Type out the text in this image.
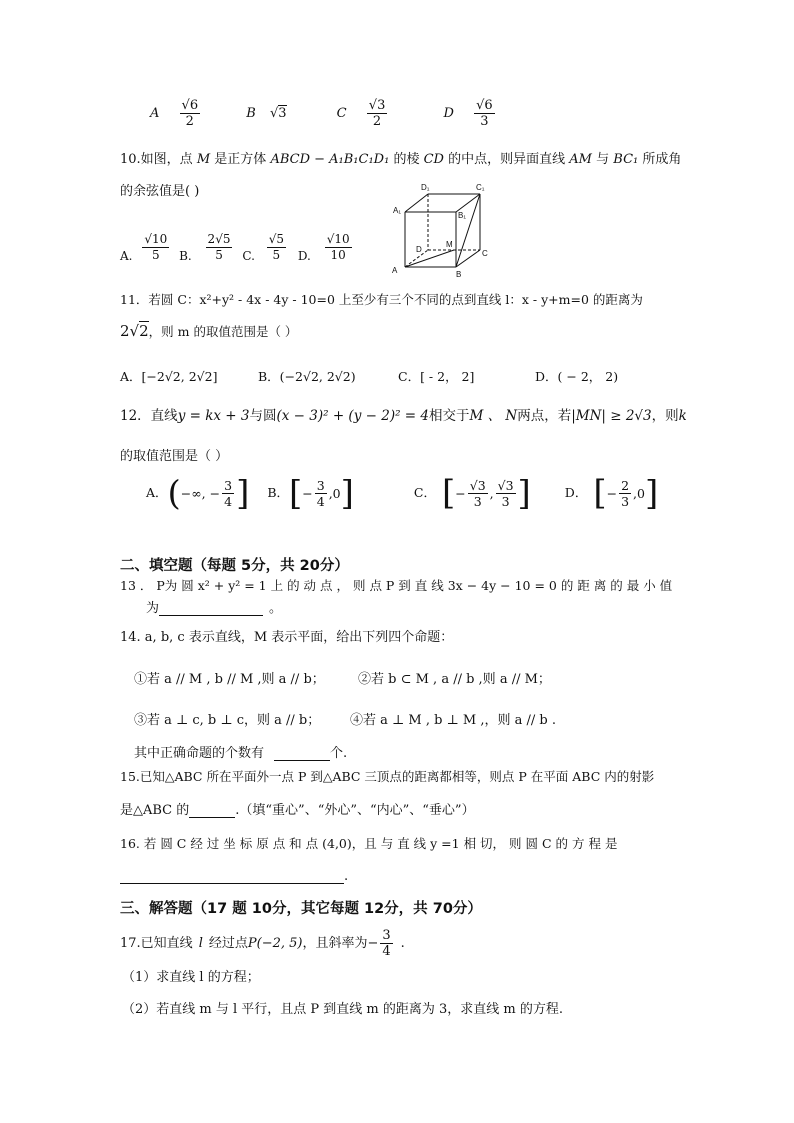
A $\frac{√6}{2}$	B √3	C $\frac{√3}{2}$	D $\frac{√6}{3}$
10.如图，点 M 是正方体 ABCD − A₁B₁C₁D₁ 的棱 CD 的中点，则异面直线 AM 与 BC₁ 所成角
的余弦值是( )
A. $\frac{√10}{5} B$. $\frac{2√5}{5} C$. $\frac{√5}{5} D$. $\frac{√10}{10}$
D₁	C₁
A₁
B₁
D
M
C
A	B
11．若圆 C：x²+y² - 4x - 4y - 10=0 上至少有三个不同的点到直线 l：x - y+m=0 的距离为
2√2，则 m 的取值范围是（ ）
A．[−2√2, 2√2]	B．(−2√2, 2√2)	C．[ - 2， 2]	D．( − 2， 2)
12．直线y = kx + 3与圆(x − 3)² + (y − 2)² = 4相交于M 、 N两点，若|MN| ≥ 2√3，则k
的取值范围是（ ）
A．(−∞, − $\frac{3}{4}$ ] B．[− $\frac{3}{4} ,0$]	C． [− $\frac{√3}{3}$ , $\frac{√3}{3}$ ]	D． [− $\frac{2}{3} ,0$]
二、填空题（每题 5分，共 20分）
13 ． P为 圆 x² + y² = 1 上 的 动 点 ， 则 点 P 到 直 线 3x − 4y − 10 = 0 的 距 离 的 最 小 值
为	。
14. a, b, c 表示直线，M 表示平面，给出下列四个命题：
①若 a // M , b // M ,则 a // b；	②若 b ⊂ M , a // b ,则 a // M；
③若 a ⊥ c, b ⊥ c，则 a // b； ④若 a ⊥ M , b ⊥ M ,，则 a // b .
其中正确命题的个数有	个.
15.已知△ABC 所在平面外一点 P 到△ABC 三顶点的距离都相等，则点 P 在平面 ABC 内的射影
是△ABC 的	.（填“重心”、“外心”、“内心”、“垂心”）
16. 若 圆 C 经 过 坐 标 原 点 和 点 (4,0)，且 与 直 线 y =1 相 切， 则 圆 C 的 方 程 是
.
三、解答题（17 题 10分，其它每题 12分，共 70分）
17.已知直线 l 经过点P(−2, 5)，且斜率为− $\frac{3}{4}$ .
（1）求直线 l 的方程；
（2）若直线 m 与 l 平行，且点 P 到直线 m 的距离为 3，求直线 m 的方程.
